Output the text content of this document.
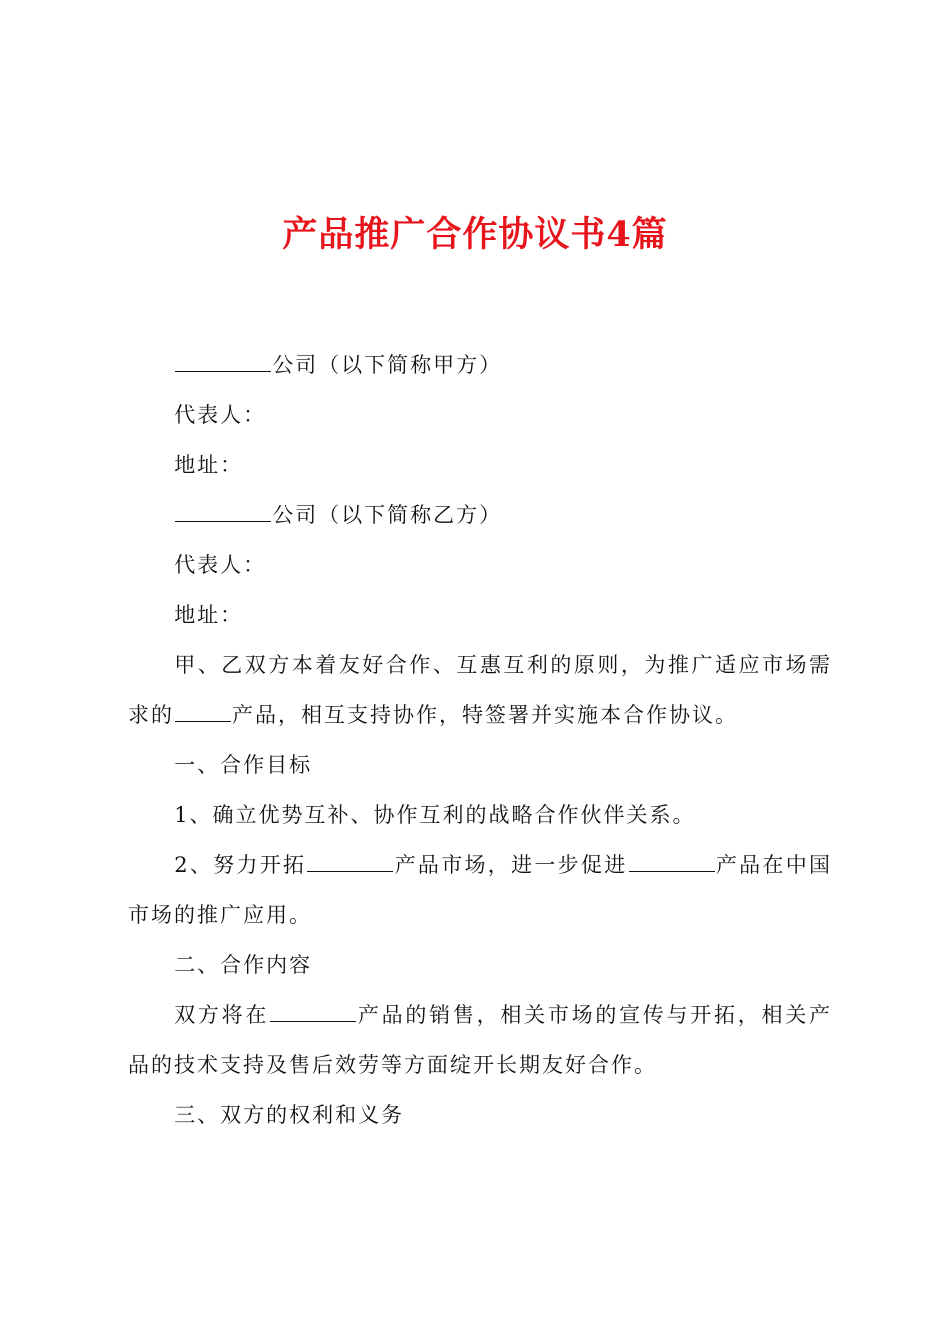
产品推广合作协议书4篇

公司（以下简称甲方）

代表人：

地址：

公司（以下简称乙方）

代表人：

地址：

甲、乙双方本着友好合作、互惠互利的原则，为推广适应市场需求的	产品，相互支持协作，特签署并实施本合作协议。

一、合作目标

1、确立优势互补、协作互利的战略合作伙伴关系。

2、努力开拓	产品市场，进一步促进	产品在中国市场的推广应用。

二、合作内容

双方将在	产品的销售，相关市场的宣传与开拓，相关产品的技术支持及售后效劳等方面绽开长期友好合作。

三、双方的权利和义务
